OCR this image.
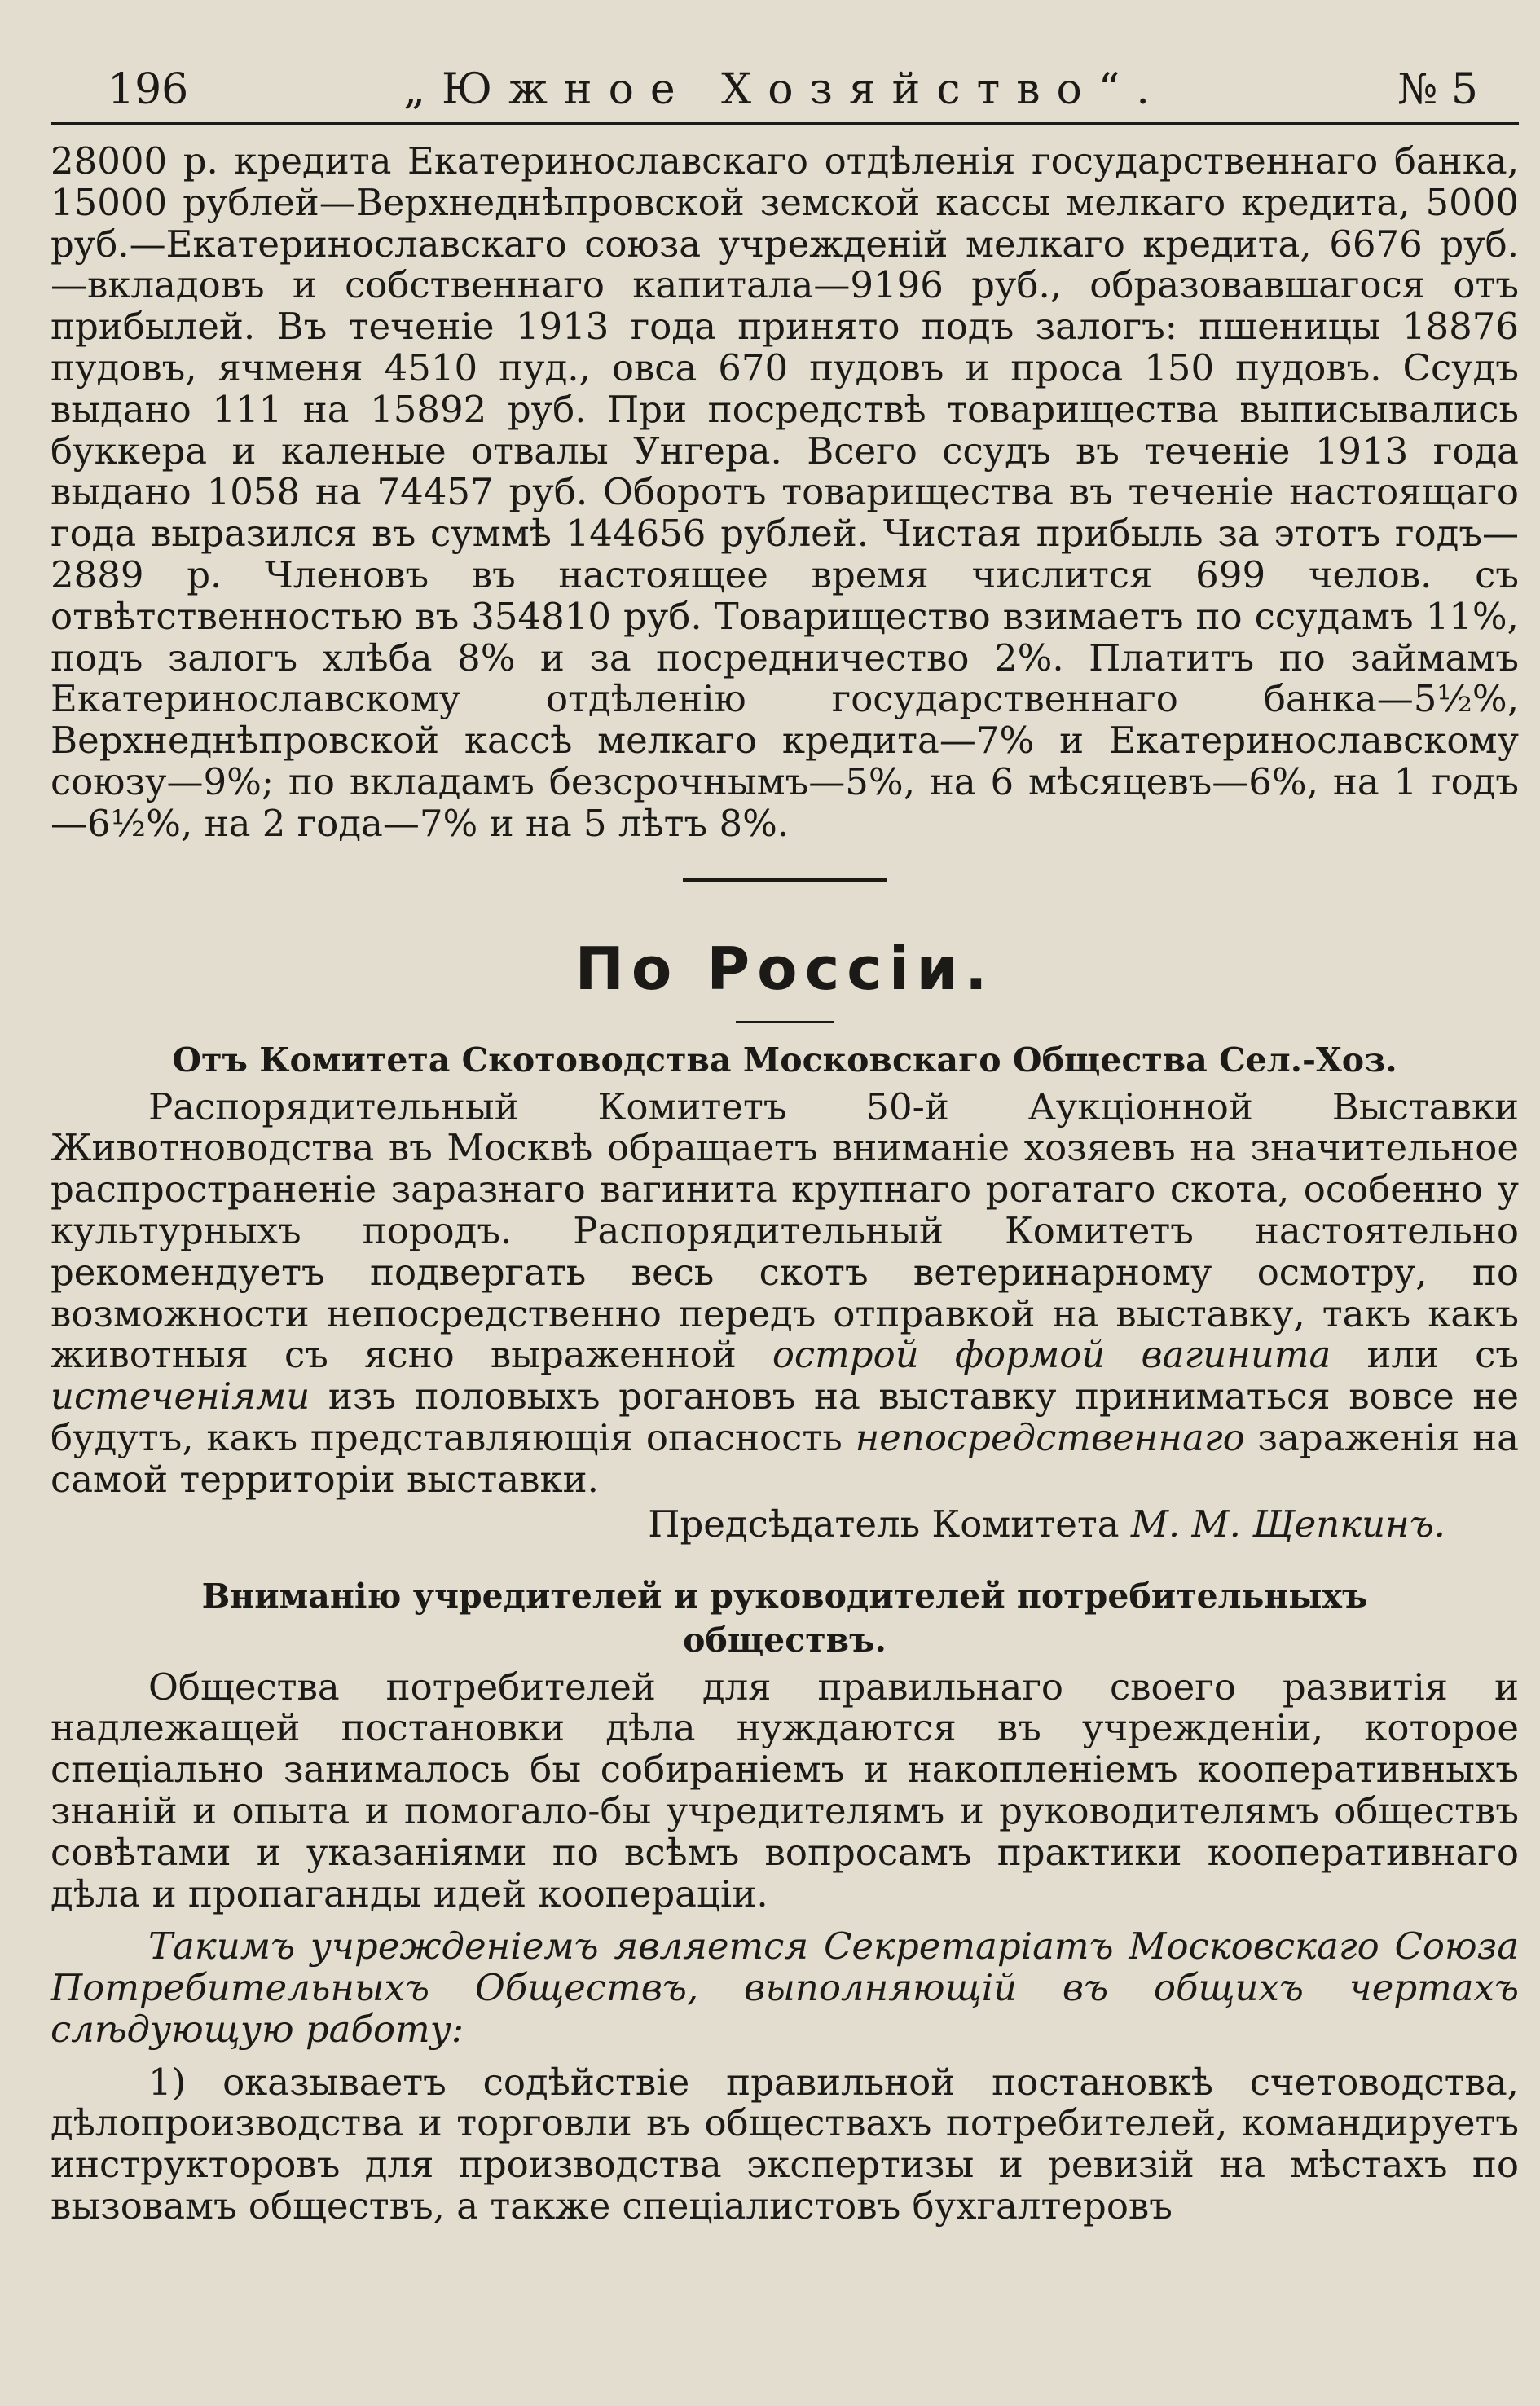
196	„Южное Хозяйство“.	№ 5

28000 р. кредита Екатеринославскаго отдѣленія государственнаго банка, 15000 рублей—Верхнеднѣпровской земской кассы мелкаго кредита, 5000 руб.—Екатеринославскаго союза учрежденій мелкаго кредита, 6676 руб.—вкладовъ и собственнаго капитала—9196 руб., образовавшагося отъ прибылей. Въ теченіе 1913 года принято подъ залогъ: пшеницы 18876 пудовъ, ячменя 4510 пуд., овса 670 пудовъ и проса 150 пудовъ. Ссудъ выдано 111 на 15892 руб. При посредствѣ товарищества выписывались буккера и каленые отвалы Унгера. Всего ссудъ въ теченіе 1913 года выдано 1058 на 74457 руб. Оборотъ товарищества въ теченіе настоящаго года выразился въ суммѣ 144656 рублей. Чистая прибыль за этотъ годъ—2889 р. Членовъ въ настоящее время числится 699 челов. съ отвѣтственностью въ 354810 руб. Товарищество взимаетъ по ссудамъ 11%, подъ залогъ хлѣба 8% и за посредничество 2%. Платитъ по займамъ Екатеринославскому отдѣленію государственнаго банка—5½%, Верхнеднѣпровской кассѣ мелкаго кредита—7% и Екатеринославскому союзу—9%; по вкладамъ безсрочнымъ—5%, на 6 мѣсяцевъ—6%, на 1 годъ—6½%, на 2 года—7% и на 5 лѣтъ 8%.

По Россіи.
Отъ Комитета Скотоводства Московскаго Общества Сел.-Хоз.

Распорядительный Комитетъ 50-й Аукціонной Выставки Животноводства въ Москвѣ обращаетъ вниманіе хозяевъ на значительное распространеніе заразнаго вагинита крупнаго рогатаго скота, особенно у культурныхъ породъ. Распорядительный Комитетъ настоятельно рекомендуетъ подвергать весь скотъ ветеринарному осмотру, по возможности непосредственно передъ отправкой на выставку, такъ какъ животныя съ ясно выраженной острой формой вагинита или съ истеченіями изъ половыхъ рогановъ на выставку приниматься вовсе не будутъ, какъ представляющія опасность непосредственнаго зараженія на самой территоріи выставки.

Предсѣдатель Комитета М. М. Щепкинъ.

Вниманію учредителей и руководителей потребительныхъ
обществъ.

Общества потребителей для правильнаго своего развитія и надлежащей постановки дѣла нуждаются въ учрежденіи, которое спеціально занималось бы собираніемъ и накопленіемъ кооперативныхъ знаній и опыта и помогало-бы учредителямъ и руководителямъ обществъ совѣтами и указаніями по всѣмъ вопросамъ практики кооперативнаго дѣла и пропаганды идей коопераціи.

Такимъ учрежденіемъ является Секретаріатъ Московскаго Союза Потребительныхъ Обществъ, выполняющій въ общихъ чертахъ слѣдующую работу:

1) оказываетъ содѣйствіе правильной постановкѣ счетоводства, дѣлопроизводства и торговли въ обществахъ потребителей, командируетъ инструкторовъ для производства экспертизы и ревизій на мѣстахъ по вызовамъ обществъ, а также спеціалистовъ бухгалтеровъ
